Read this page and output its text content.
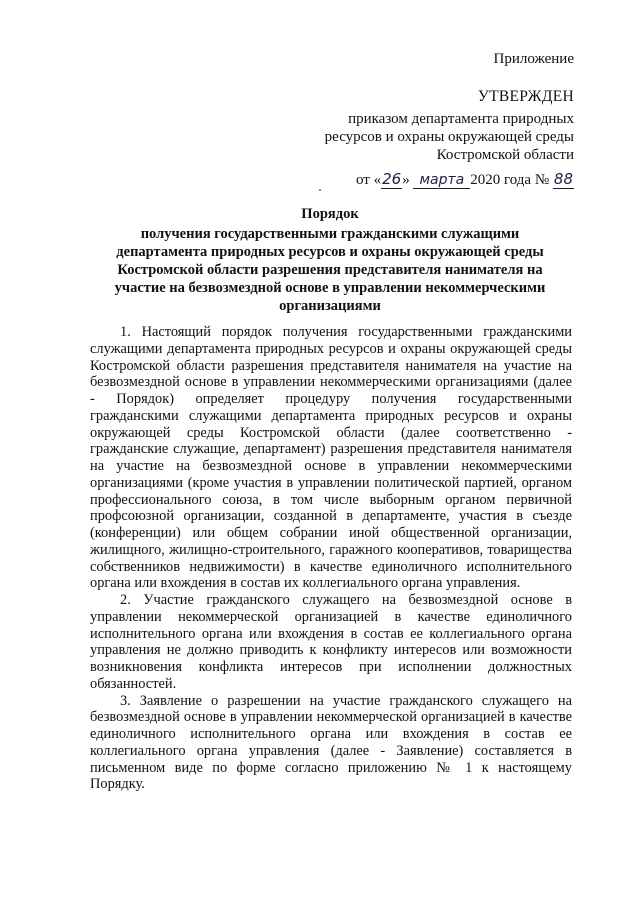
Приложение
УТВЕРЖДЕН
приказом департамента природных
ресурсов и охраны окружающей среды
Костромской области
от «26» марта 2020 года № 88
Порядок
получения государственными гражданскими служащими
департамента природных ресурсов и охраны окружающей среды
Костромской области разрешения представителя нанимателя на
участие на безвозмездной основе в управлении некоммерческими
организациями

1. Настоящий порядок получения государственными гражданскими служащими департамента природных ресурсов и охраны окружающей среды Костромской области разрешения представителя нанимателя на участие на безвозмездной основе в управлении некоммерческими организациями (далее - Порядок) определяет процедуру получения государственными гражданскими служащими департамента природных ресурсов и охраны окружающей среды Костромской области (далее соответственно - гражданские служащие, департамент) разрешения представителя нанимателя на участие на безвозмездной основе в управлении некоммерческими организациями (кроме участия в управлении политической партией, органом профессионального союза, в том числе выборным органом первичной профсоюзной организации, созданной в департаменте, участия в съезде (конференции) или общем собрании иной общественной организации, жилищного, жилищно-строительного, гаражного кооперативов, товарищества собственников недвижимости) в качестве единоличного исполнительного органа или вхождения в состав их коллегиального органа управления.

2. Участие гражданского служащего на безвозмездной основе в управлении некоммерческой организацией в качестве единоличного исполнительного органа или вхождения в состав ее коллегиального органа управления не должно приводить к конфликту интересов или возможности возникновения конфликта интересов при исполнении должностных обязанностей.

3. Заявление о разрешении на участие гражданского служащего на безвозмездной основе в управлении некоммерческой организацией в качестве единоличного исполнительного органа или вхождения в состав ее коллегиального органа управления (далее - Заявление) составляется в письменном виде по форме согласно приложению № 1 к настоящему Порядку.
